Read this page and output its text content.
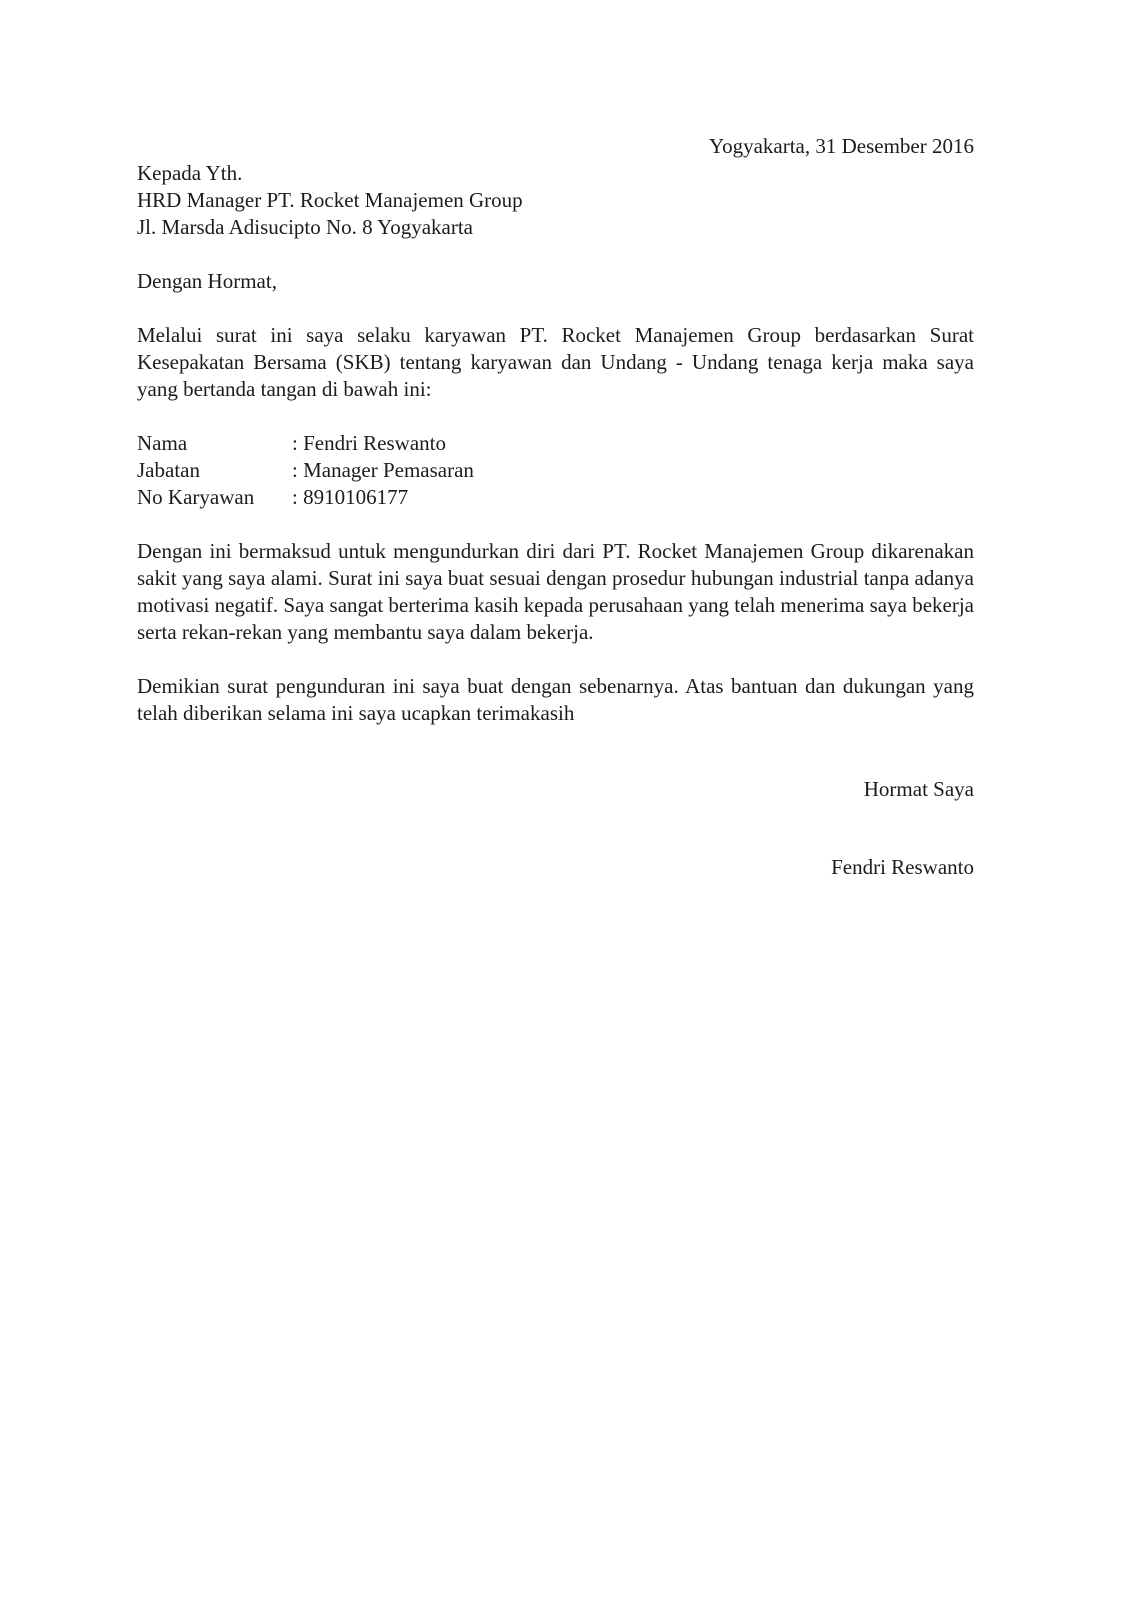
Yogyakarta, 31 Desember 2016
Kepada Yth.
HRD Manager PT. Rocket Manajemen Group
Jl. Marsda Adisucipto No. 8 Yogyakarta
Dengan Hormat,
Melalui surat ini saya selaku karyawan PT. Rocket Manajemen Group berdasarkan Surat Kesepakatan Bersama (SKB) tentang karyawan dan Undang - Undang tenaga kerja maka saya yang bertanda tangan di bawah ini:
Nama	: Fendri Reswanto
Jabatan	: Manager Pemasaran
No Karyawan	: 8910106177
Dengan ini bermaksud untuk mengundurkan diri dari PT. Rocket Manajemen Group dikarenakan sakit yang saya alami. Surat ini saya buat sesuai dengan prosedur hubungan industrial tanpa adanya motivasi negatif. Saya sangat berterima kasih kepada perusahaan yang telah menerima saya bekerja serta rekan-rekan yang membantu saya dalam bekerja.
Demikian surat pengunduran ini saya buat dengan sebenarnya. Atas bantuan dan dukungan yang telah diberikan selama ini saya ucapkan terimakasih
Hormat Saya
Fendri Reswanto
